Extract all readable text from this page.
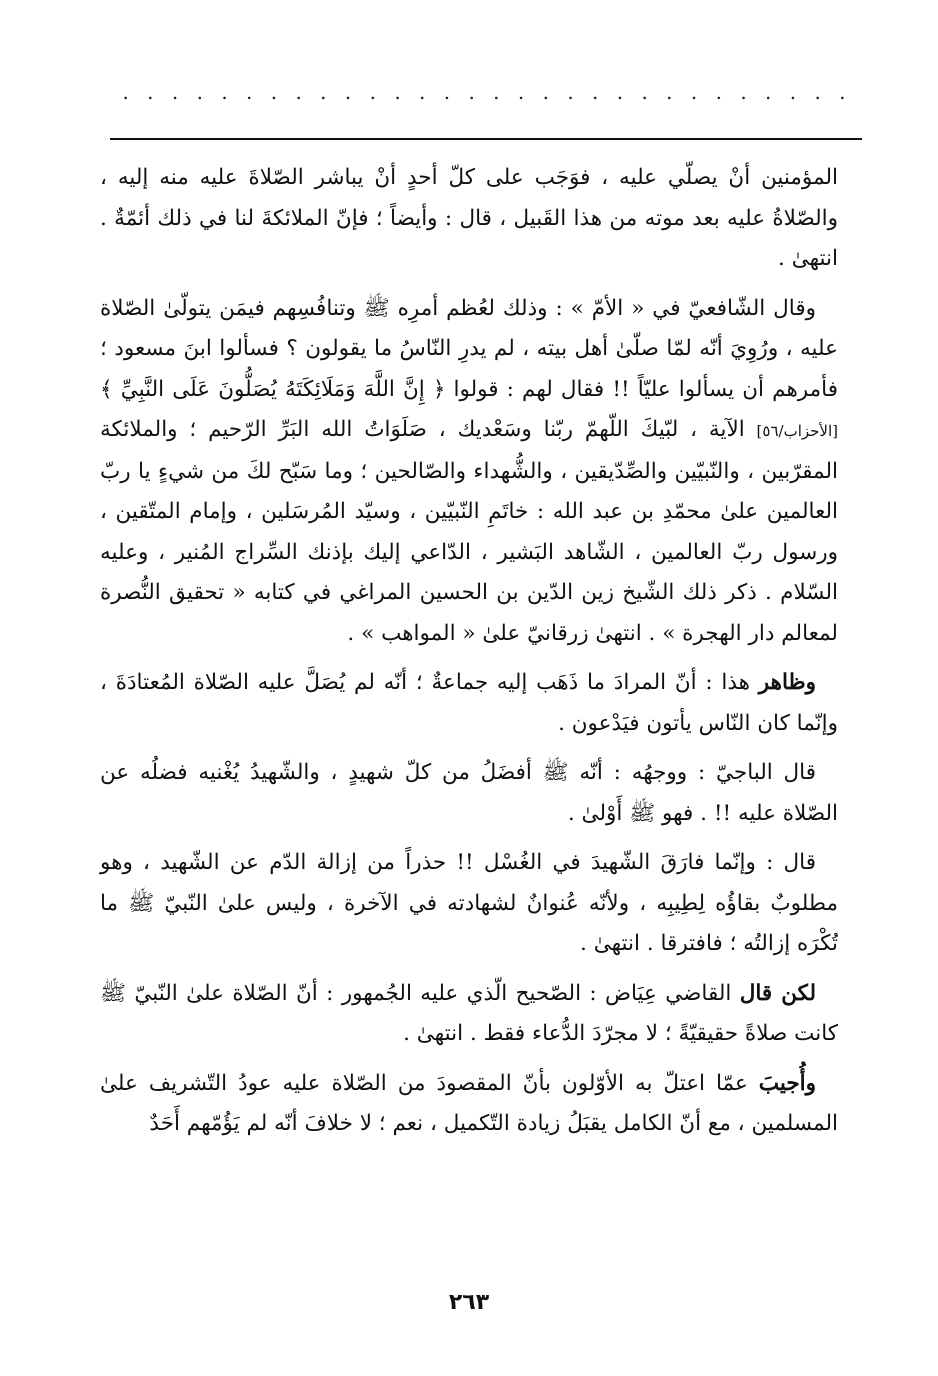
. . . . . . . . . . . . . . . . . . . . . . . . . . . . . .

المؤمنين أنْ يصلّي عليه ، فوَجَب على كلّ أحدٍ أنْ يباشر الصّلاةَ عليه منه إليه ، والصّلاةُ عليه بعد موته من هذا القَبيل ، قال : وأيضاً ؛ فإنّ الملائكةَ لنا في ذلك أئمّةٌ . انتهىٰ .

وقال الشّافعيّ في « الأمّ » : وذلك لعُظم أمرِه ﷺ وتنافُسِهم فيمَن يتولّىٰ الصّلاة عليه ، ورُوِيَ أنّه لمّا صلّىٰ أهل بيته ، لم يدرِ النّاسُ ما يقولون ؟ فسألوا ابنَ مسعود ؛ فأمرهم أن يسألوا عليّاً !! فقال لهم : قولوا ﴿ إِنَّ اللَّهَ وَمَلَائِكَتَهُ يُصَلُّونَ عَلَى النَّبِيِّ ﴾ [الأحزاب/٥٦] الآية ، لبّيكَ اللّهمّ ربّنا وسَعْديك ، صَلَوَاتُ الله البَرِّ الرّحيم ؛ والملائكة المقرّبين ، والنّبيّين والصِّدّيقين ، والشُّهداء والصّالحين ؛ وما سَبّح لكَ من شيءٍ يا ربّ العالمين علىٰ محمّدِ بن عبد الله : خاتَمِ النّبيّين ، وسيّد المُرسَلين ، وإمام المتّقين ، ورسول ربّ العالمين ، الشّاهد البَشير ، الدّاعي إليك بإذنك السِّراج المُنير ، وعليه السّلام . ذكر ذلك الشّيخ زين الدّين بن الحسين المراغي في كتابه « تحقيق النُّصرة لمعالم دار الهجرة » . انتهىٰ زرقانيّ علىٰ « المواهب » .

وظاهر هذا : أنّ المرادَ ما ذَهَب إليه جماعةٌ ؛ أنّه لم يُصَلَّ عليه الصّلاة المُعتادَةَ ، وإنّما كان النّاس يأتون فيَدْعون .

قال الباجيّ : ووجهُه : أنّه ﷺ أفضَلُ من كلّ شهيدٍ ، والشّهيدُ يُغْنيه فضلُه عن الصّلاة عليه !! . فهو ﷺ أَوْلىٰ .

قال : وإنّما فارَقَ الشّهيدَ في الغُسْل !! حذراً من إزالة الدّم عن الشّهيد ، وهو مطلوبٌ بقاؤُه لِطِيبِه ، ولأنّه عُنوانٌ لشهادته في الآخرة ، وليس علىٰ النّبيّ ﷺ ما تُكْرَه إزالتُه ؛ فافترقا . انتهىٰ .

لكن قال القاضي عِيَاض : الصّحيح الّذي عليه الجُمهور : أنّ الصّلاة علىٰ النّبيّ ﷺ كانت صلاةً حقيقيّةً ؛ لا مجرّدَ الدُّعاء فقط . انتهىٰ .

وأُجيبَ عمّا اعتلّ به الأوّلون بأنّ المقصودَ من الصّلاة عليه عودُ التّشريف علىٰ المسلمين ، مع أنّ الكامل يقبَلُ زيادة التّكميل ، نعم ؛ لا خلافَ أنّه لم يَؤُمّهم أَحَدٌ

٢٦٣
